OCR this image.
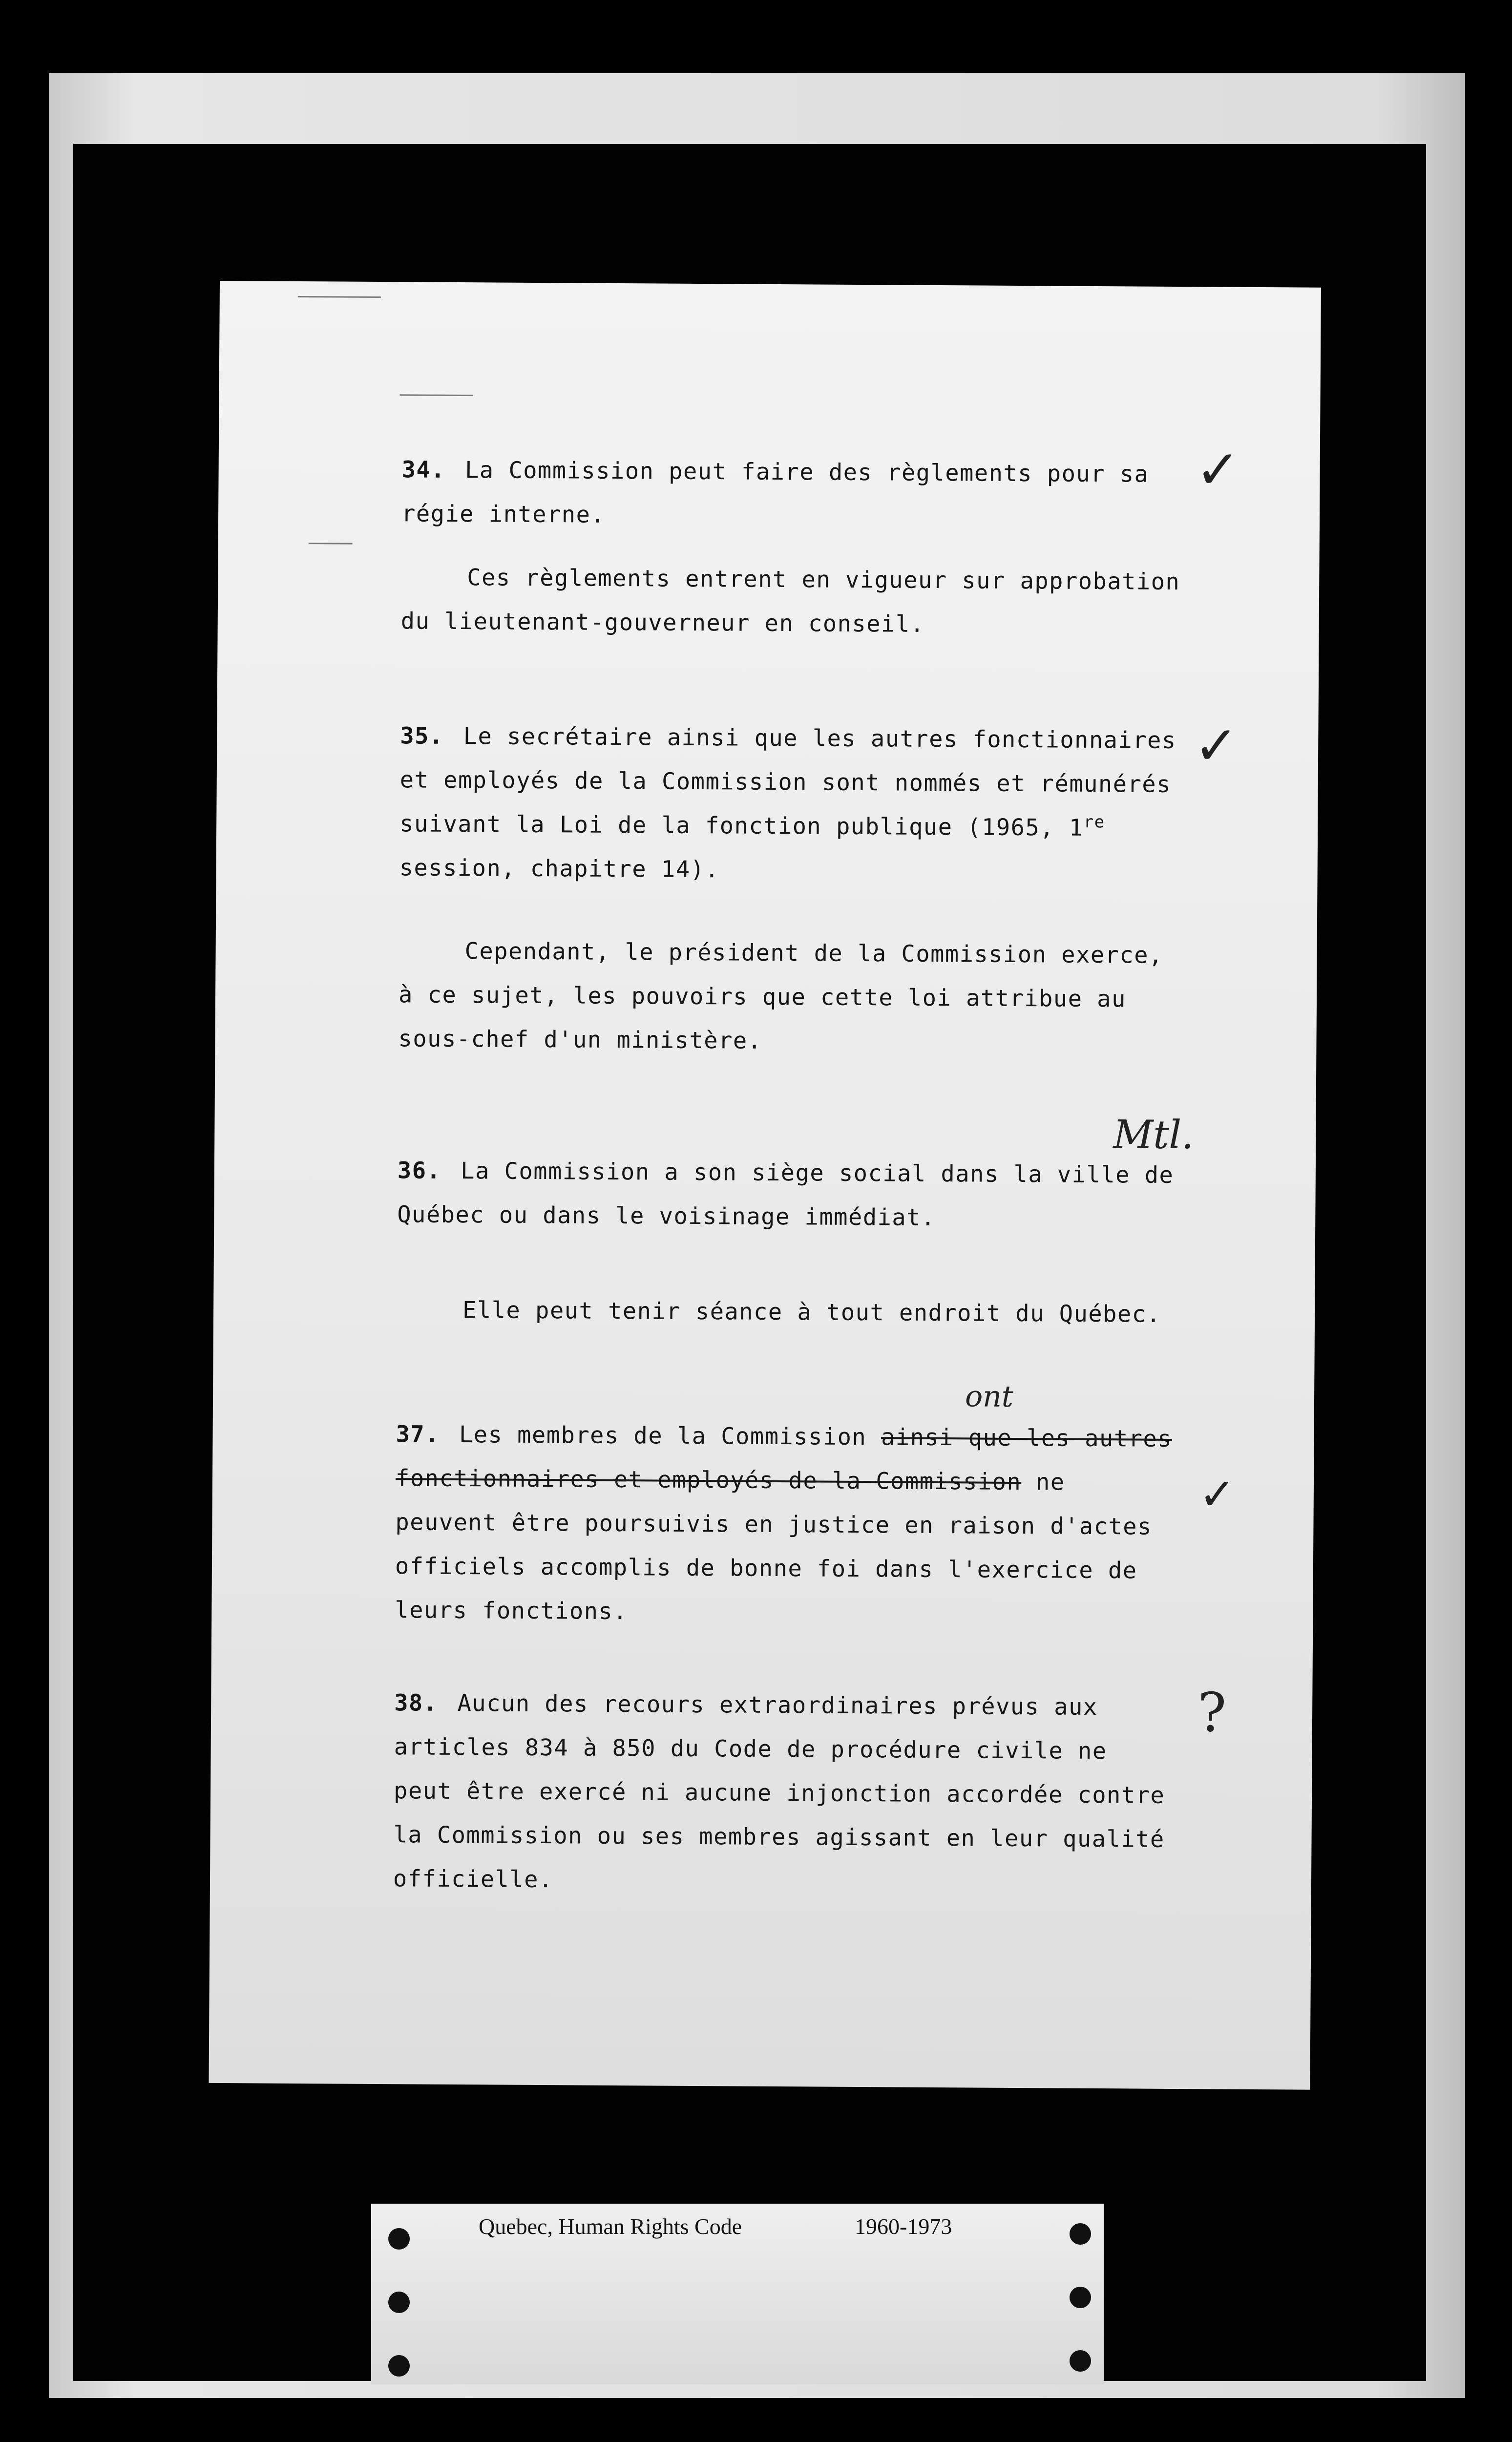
34. La Commission peut faire des règlements pour sa régie interne.

Ces règlements entrent en vigueur sur approbation du lieutenant-gouverneur en conseil.

✓

35. Le secrétaire ainsi que les autres fonctionnaires et employés de la Commission sont nommés et rémunérés suivant la Loi de la fonction publique (1965, 1re session, chapitre 14).

Cependant, le président de la Commission exerce, à ce sujet, les pouvoirs que cette loi attribue au sous-chef d'un ministère.

✓

36. La Commission a son siège social dans la ville de Québec ou dans le voisinage immédiat.

Elle peut tenir séance à tout endroit du Québec.

Mtl.

37. Les membres de la Commission ainsi que les autres fonctionnaires et employés de la Commission ne peuvent être poursuivis en justice en raison d'actes officiels accomplis de bonne foi dans l'exercice de leurs fonctions.

ont
✓

38. Aucun des recours extraordinaires prévus aux articles 834 à 850 du Code de procédure civile ne peut être exercé ni aucune injonction accordée contre la Commission ou ses membres agissant en leur qualité officielle.

?
Quebec, Human Rights Code	1960-1973
